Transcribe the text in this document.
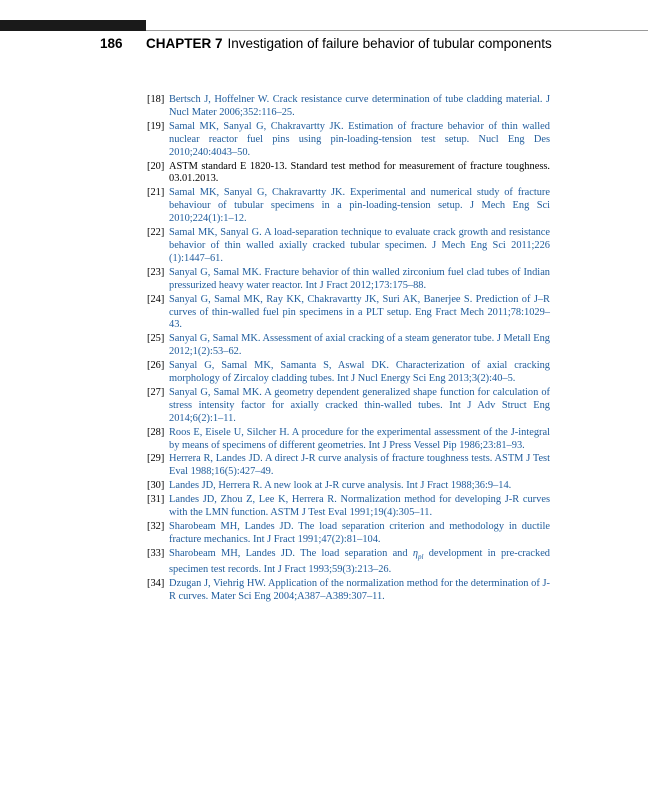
186 CHAPTER 7 Investigation of failure behavior of tubular components
[18] Bertsch J, Hoffelner W. Crack resistance curve determination of tube cladding material. J Nucl Mater 2006;352:116–25.
[19] Samal MK, Sanyal G, Chakravartty JK. Estimation of fracture behavior of thin walled nuclear reactor fuel pins using pin-loading-tension test setup. Nucl Eng Des 2010;240:4043–50.
[20] ASTM standard E 1820-13. Standard test method for measurement of fracture toughness. 03.01.2013.
[21] Samal MK, Sanyal G, Chakravartty JK. Experimental and numerical study of fracture behaviour of tubular specimens in a pin-loading-tension setup. J Mech Eng Sci 2010;224(1):1–12.
[22] Samal MK, Sanyal G. A load-separation technique to evaluate crack growth and resistance behavior of thin walled axially cracked tubular specimen. J Mech Eng Sci 2011;226 (1):1447–61.
[23] Sanyal G, Samal MK. Fracture behavior of thin walled zirconium fuel clad tubes of Indian pressurized heavy water reactor. Int J Fract 2012;173:175–88.
[24] Sanyal G, Samal MK, Ray KK, Chakravartty JK, Suri AK, Banerjee S. Prediction of J–R curves of thin-walled fuel pin specimens in a PLT setup. Eng Fract Mech 2011;78:1029–43.
[25] Sanyal G, Samal MK. Assessment of axial cracking of a steam generator tube. J Metall Eng 2012;1(2):53–62.
[26] Sanyal G, Samal MK, Samanta S, Aswal DK. Characterization of axial cracking morphology of Zircaloy cladding tubes. Int J Nucl Energy Sci Eng 2013;3(2):40–5.
[27] Sanyal G, Samal MK. A geometry dependent generalized shape function for calculation of stress intensity factor for axially cracked thin-walled tubes. Int J Adv Struct Eng 2014;6(2):1–11.
[28] Roos E, Eisele U, Silcher H. A procedure for the experimental assessment of the J-integral by means of specimens of different geometries. Int J Press Vessel Pip 1986;23:81–93.
[29] Herrera R, Landes JD. A direct J-R curve analysis of fracture toughness tests. ASTM J Test Eval 1988;16(5):427–49.
[30] Landes JD, Herrera R. A new look at J-R curve analysis. Int J Fract 1988;36:9–14.
[31] Landes JD, Zhou Z, Lee K, Herrera R. Normalization method for developing J-R curves with the LMN function. ASTM J Test Eval 1991;19(4):305–11.
[32] Sharobeam MH, Landes JD. The load separation criterion and methodology in ductile fracture mechanics. Int J Fract 1991;47(2):81–104.
[33] Sharobeam MH, Landes JD. The load separation and $\eta_{pl}$ development in pre-cracked specimen test records. Int J Fract 1993;59(3):213–26.
[34] Dzugan J, Viehrig HW. Application of the normalization method for the determination of J-R curves. Mater Sci Eng 2004;A387–A389:307–11.
